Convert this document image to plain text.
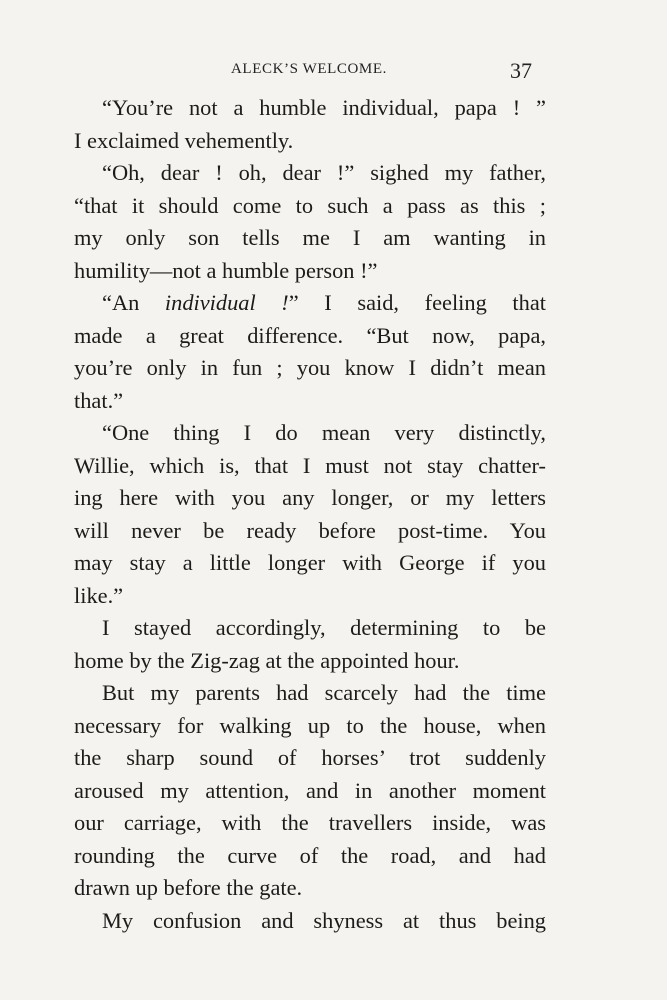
ALECK’S WELCOME.	37
“You’re not a humble individual, papa ! ”
I exclaimed vehemently.
“Oh, dear ! oh, dear !” sighed my father,
“that it should come to such a pass as this ;
my only son tells me I am wanting in
humility—not a humble person !”
“An individual !” I said, feeling that
made a great difference. “But now, papa,
you’re only in fun ; you know I didn’t mean
that.”
“One thing I do mean very distinctly,
Willie, which is, that I must not stay chatter-
ing here with you any longer, or my letters
will never be ready before post-time. You
may stay a little longer with George if you
like.”
I stayed accordingly, determining to be
home by the Zig-zag at the appointed hour.
But my parents had scarcely had the time
necessary for walking up to the house, when
the sharp sound of horses’ trot suddenly
aroused my attention, and in another moment
our carriage, with the travellers inside, was
rounding the curve of the road, and had
drawn up before the gate.
My confusion and shyness at thus being
